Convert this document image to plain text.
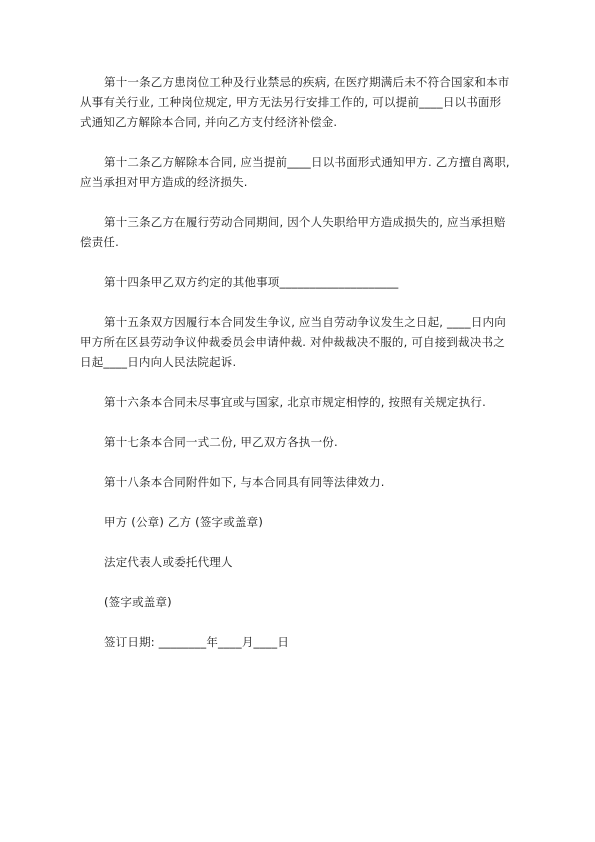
第十一条乙方患岗位工种及行业禁忌的疾病, 在医疗期满后未不符合国家和本市从事有关行业, 工种岗位规定, 甲方无法另行安排工作的, 可以提前____日以书面形式通知乙方解除本合同, 并向乙方支付经济补偿金.

第十二条乙方解除本合同, 应当提前____日以书面形式通知甲方. 乙方擅自离职, 应当承担对甲方造成的经济损失.

第十三条乙方在履行劳动合同期间, 因个人失职给甲方造成损失的, 应当承担赔偿责任.

第十四条甲乙双方约定的其他事项____________________

第十五条双方因履行本合同发生争议, 应当自劳动争议发生之日起, ____日内向甲方所在区县劳动争议仲裁委员会申请仲裁. 对仲裁裁决不服的, 可自接到裁决书之日起____日内向人民法院起诉.

第十六条本合同未尽事宜或与国家, 北京市规定相悖的, 按照有关规定执行.

第十七条本合同一式二份, 甲乙双方各执一份.

第十八条本合同附件如下, 与本合同具有同等法律效力.

甲方 (公章) 乙方 (签字或盖章)

法定代表人或委托代理人

(签字或盖章)

签订日期: ________年____月____日
